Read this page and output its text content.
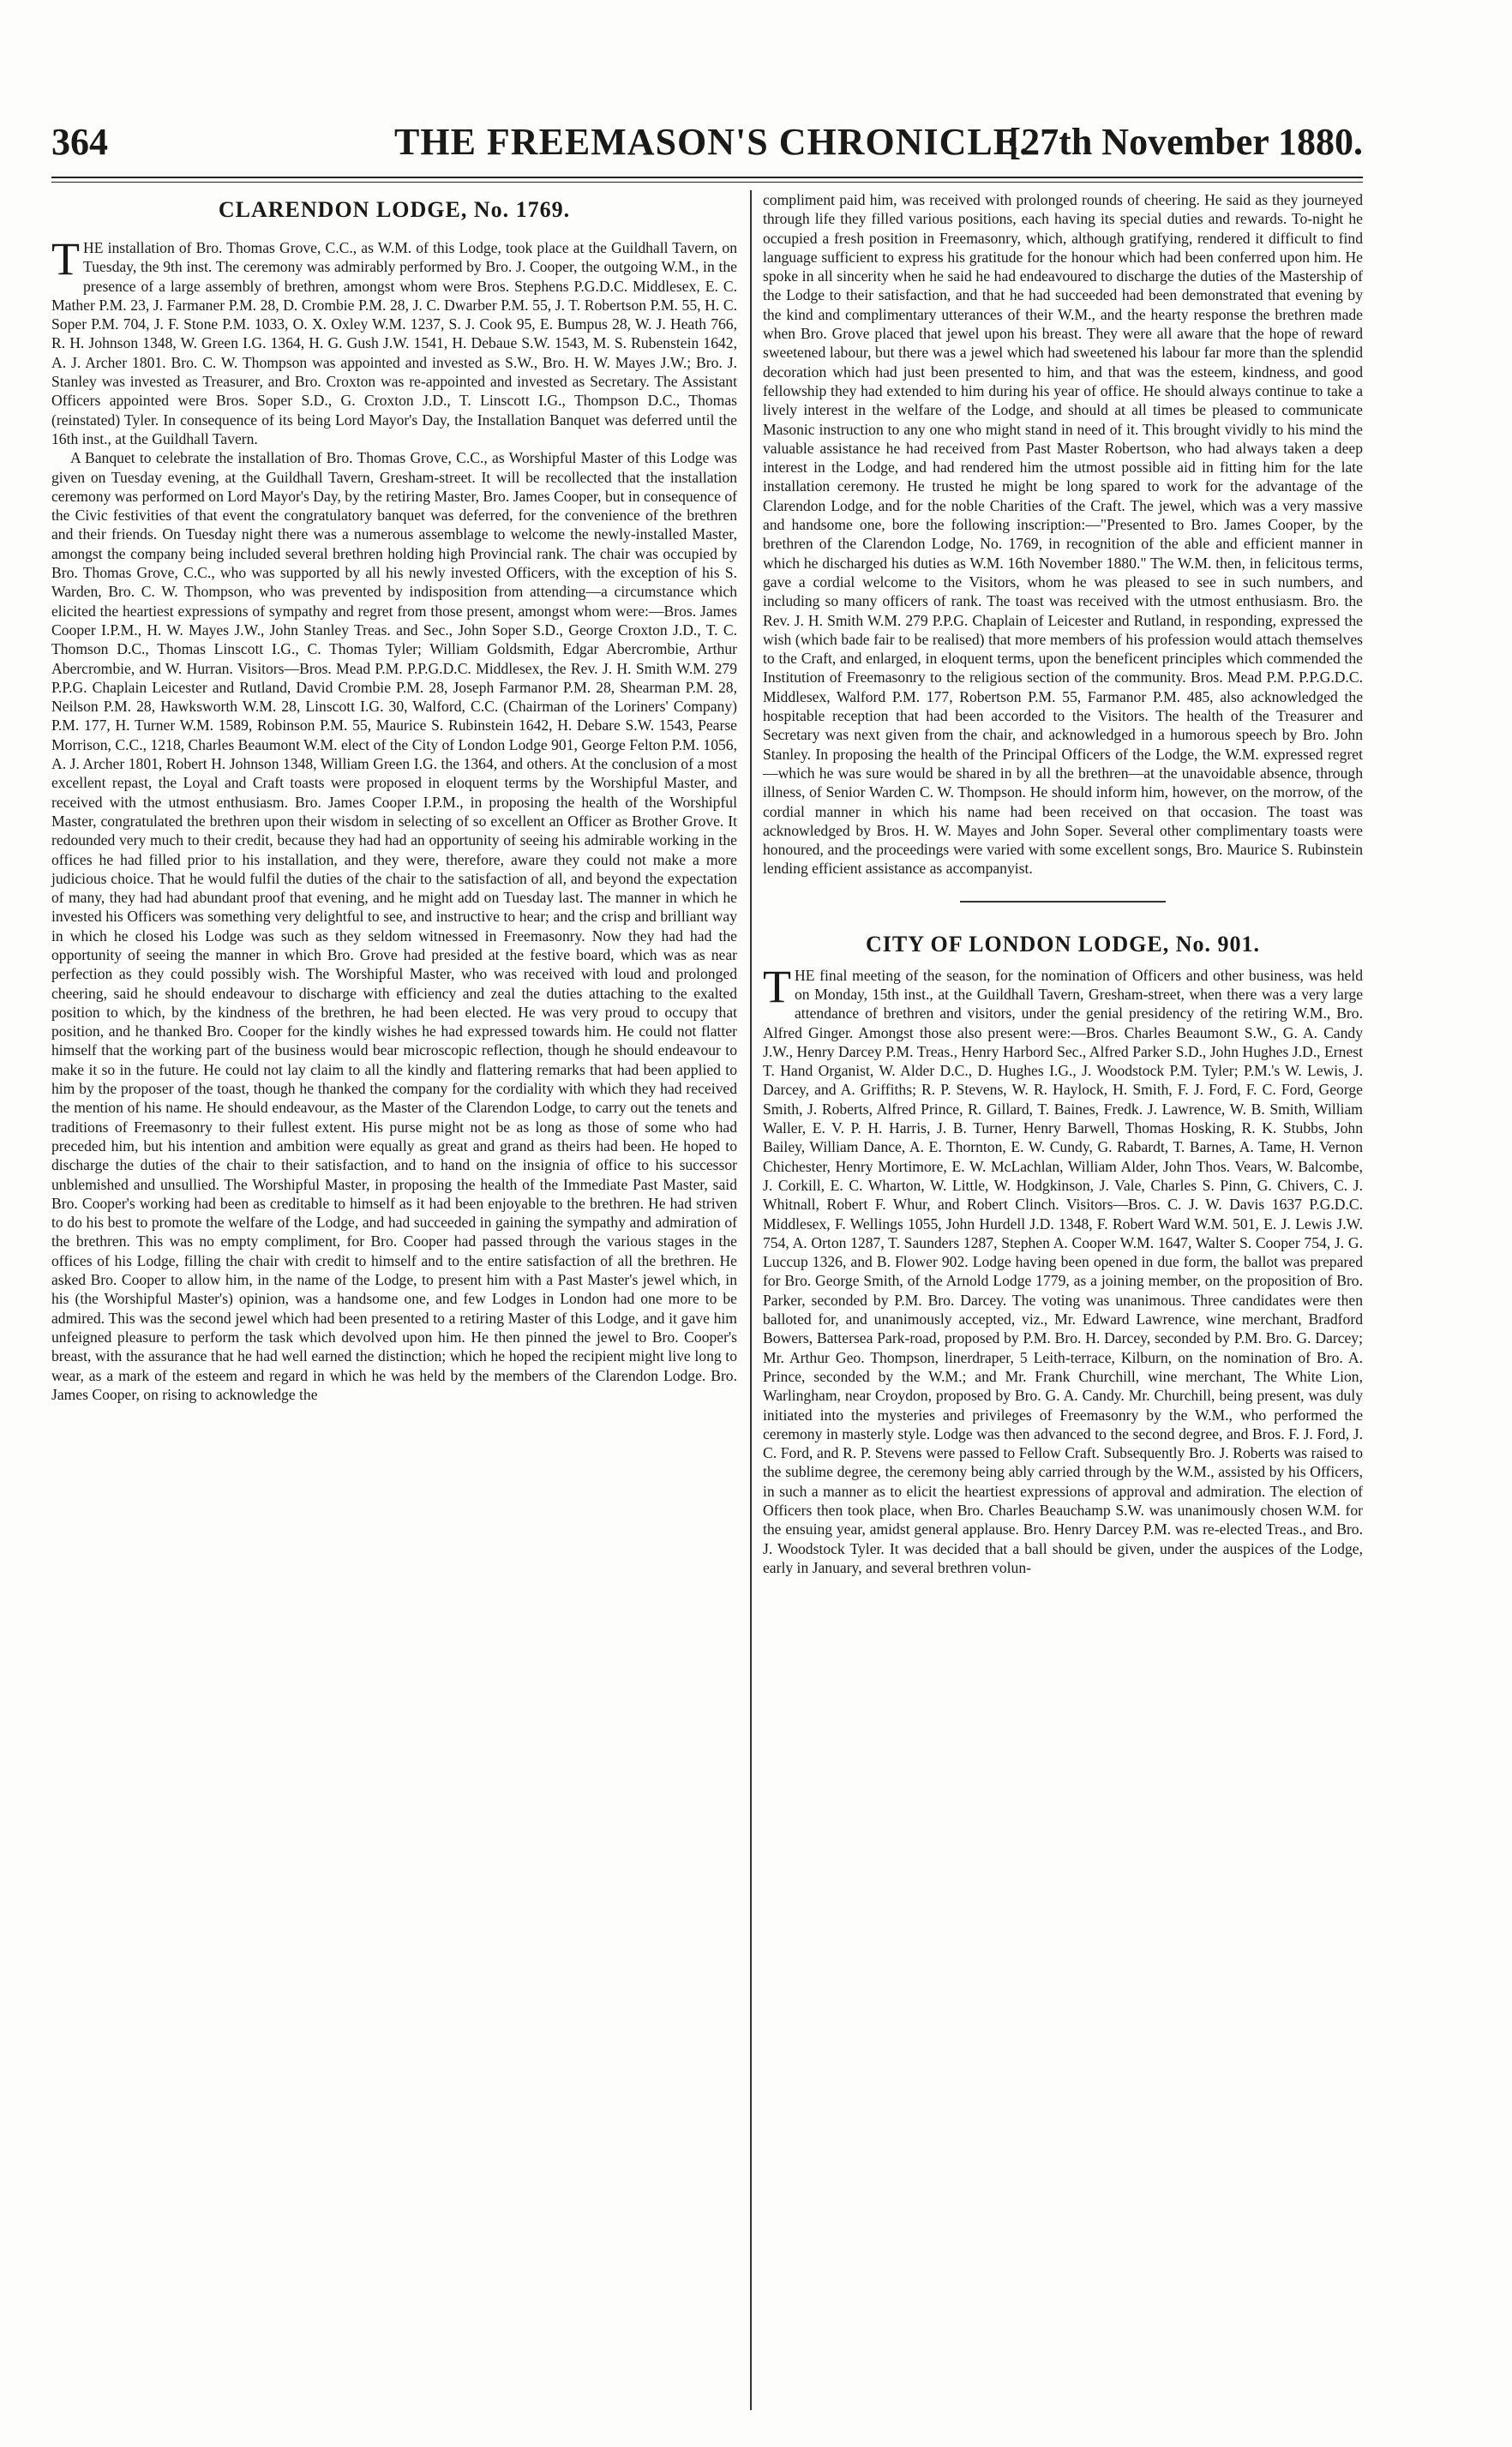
364	THE FREEMASON'S CHRONICLE.
[27th November 1880.
CLARENDON LODGE, No. 1769.

THE installation of Bro. Thomas Grove, C.C., as W.M. of this Lodge, took place at the Guildhall Tavern, on Tuesday, the 9th inst. The ceremony was admirably performed by Bro. J. Cooper, the outgoing W.M., in the presence of a large assembly of brethren, amongst whom were Bros. Stephens P.G.D.C. Middlesex, E. C. Mather P.M. 23, J. Farmaner P.M. 28, D. Crombie P.M. 28, J. C. Dwarber P.M. 55, J. T. Robertson P.M. 55, H. C. Soper P.M. 704, J. F. Stone P.M. 1033, O. X. Oxley W.M. 1237, S. J. Cook 95, E. Bumpus 28, W. J. Heath 766, R. H. Johnson 1348, W. Green I.G. 1364, H. G. Gush J.W. 1541, H. Debaue S.W. 1543, M. S. Rubenstein 1642, A. J. Archer 1801. Bro. C. W. Thompson was appointed and invested as S.W., Bro. H. W. Mayes J.W.; Bro. J. Stanley was invested as Treasurer, and Bro. Croxton was re-appointed and invested as Secretary. The Assistant Officers appointed were Bros. Soper S.D., G. Croxton J.D., T. Linscott I.G., Thompson D.C., Thomas (reinstated) Tyler. In consequence of its being Lord Mayor's Day, the Installation Banquet was deferred until the 16th inst., at the Guildhall Tavern.

A Banquet to celebrate the installation of Bro. Thomas Grove, C.C., as Worshipful Master of this Lodge was given on Tuesday evening, at the Guildhall Tavern, Gresham-street. It will be recollected that the installation ceremony was performed on Lord Mayor's Day, by the retiring Master, Bro. James Cooper, but in consequence of the Civic festivities of that event the congratulatory banquet was deferred, for the convenience of the brethren and their friends. On Tuesday night there was a numerous assemblage to welcome the newly-installed Master, amongst the company being included several brethren holding high Provincial rank. The chair was occupied by Bro. Thomas Grove, C.C., who was supported by all his newly invested Officers, with the exception of his S. Warden, Bro. C. W. Thompson, who was prevented by indisposition from attending—a circumstance which elicited the heartiest expressions of sympathy and regret from those present, amongst whom were:—Bros. James Cooper I.P.M., H. W. Mayes J.W., John Stanley Treas. and Sec., John Soper S.D., George Croxton J.D., T. C. Thomson D.C., Thomas Linscott I.G., C. Thomas Tyler; William Goldsmith, Edgar Abercrombie, Arthur Abercrombie, and W. Hurran. Visitors—Bros. Mead P.M. P.P.G.D.C. Middlesex, the Rev. J. H. Smith W.M. 279 P.P.G. Chaplain Leicester and Rutland, David Crombie P.M. 28, Joseph Farmanor P.M. 28, Shearman P.M. 28, Neilson P.M. 28, Hawksworth W.M. 28, Linscott I.G. 30, Walford, C.C. (Chairman of the Loriners' Company) P.M. 177, H. Turner W.M. 1589, Robinson P.M. 55, Maurice S. Rubinstein 1642, H. Debare S.W. 1543, Pearse Morrison, C.C., 1218, Charles Beaumont W.M. elect of the City of London Lodge 901, George Felton P.M. 1056, A. J. Archer 1801, Robert H. Johnson 1348, William Green I.G. the 1364, and others. At the conclusion of a most excellent repast, the Loyal and Craft toasts were proposed in eloquent terms by the Worshipful Master, and received with the utmost enthusiasm. Bro. James Cooper I.P.M., in proposing the health of the Worshipful Master, congratulated the brethren upon their wisdom in selecting of so excellent an Officer as Brother Grove. It redounded very much to their credit, because they had had an opportunity of seeing his admirable working in the offices he had filled prior to his installation, and they were, therefore, aware they could not make a more judicious choice. That he would fulfil the duties of the chair to the satisfaction of all, and beyond the expectation of many, they had had abundant proof that evening, and he might add on Tuesday last. The manner in which he invested his Officers was something very delightful to see, and instructive to hear; and the crisp and brilliant way in which he closed his Lodge was such as they seldom witnessed in Freemasonry. Now they had had the opportunity of seeing the manner in which Bro. Grove had presided at the festive board, which was as near perfection as they could possibly wish. The Worshipful Master, who was received with loud and prolonged cheering, said he should endeavour to discharge with efficiency and zeal the duties attaching to the exalted position to which, by the kindness of the brethren, he had been elected. He was very proud to occupy that position, and he thanked Bro. Cooper for the kindly wishes he had expressed towards him. He could not flatter himself that the working part of the business would bear microscopic reflection, though he should endeavour to make it so in the future. He could not lay claim to all the kindly and flattering remarks that had been applied to him by the proposer of the toast, though he thanked the company for the cordiality with which they had received the mention of his name. He should endeavour, as the Master of the Clarendon Lodge, to carry out the tenets and traditions of Freemasonry to their fullest extent. His purse might not be as long as those of some who had preceded him, but his intention and ambition were equally as great and grand as theirs had been. He hoped to discharge the duties of the chair to their satisfaction, and to hand on the insignia of office to his successor unblemished and unsullied. The Worshipful Master, in proposing the health of the Immediate Past Master, said Bro. Cooper's working had been as creditable to himself as it had been enjoyable to the brethren. He had striven to do his best to promote the welfare of the Lodge, and had succeeded in gaining the sympathy and admiration of the brethren. This was no empty compliment, for Bro. Cooper had passed through the various stages in the offices of his Lodge, filling the chair with credit to himself and to the entire satisfaction of all the brethren. He asked Bro. Cooper to allow him, in the name of the Lodge, to present him with a Past Master's jewel which, in his (the Worshipful Master's) opinion, was a handsome one, and few Lodges in London had one more to be admired. This was the second jewel which had been presented to a retiring Master of this Lodge, and it gave him unfeigned pleasure to perform the task which devolved upon him. He then pinned the jewel to Bro. Cooper's breast, with the assurance that he had well earned the distinction; which he hoped the recipient might live long to wear, as a mark of the esteem and regard in which he was held by the members of the Clarendon Lodge. Bro. James Cooper, on rising to acknowledge the

compliment paid him, was received with prolonged rounds of cheering. He said as they journeyed through life they filled various positions, each having its special duties and rewards. To-night he occupied a fresh position in Freemasonry, which, although gratifying, rendered it difficult to find language sufficient to express his gratitude for the honour which had been conferred upon him. He spoke in all sincerity when he said he had endeavoured to discharge the duties of the Mastership of the Lodge to their satisfaction, and that he had succeeded had been demonstrated that evening by the kind and complimentary utterances of their W.M., and the hearty response the brethren made when Bro. Grove placed that jewel upon his breast. They were all aware that the hope of reward sweetened labour, but there was a jewel which had sweetened his labour far more than the splendid decoration which had just been presented to him, and that was the esteem, kindness, and good fellowship they had extended to him during his year of office. He should always continue to take a lively interest in the welfare of the Lodge, and should at all times be pleased to communicate Masonic instruction to any one who might stand in need of it. This brought vividly to his mind the valuable assistance he had received from Past Master Robertson, who had always taken a deep interest in the Lodge, and had rendered him the utmost possible aid in fitting him for the late installation ceremony. He trusted he might be long spared to work for the advantage of the Clarendon Lodge, and for the noble Charities of the Craft. The jewel, which was a very massive and handsome one, bore the following inscription:—"Presented to Bro. James Cooper, by the brethren of the Clarendon Lodge, No. 1769, in recognition of the able and efficient manner in which he discharged his duties as W.M. 16th November 1880." The W.M. then, in felicitous terms, gave a cordial welcome to the Visitors, whom he was pleased to see in such numbers, and including so many officers of rank. The toast was received with the utmost enthusiasm. Bro. the Rev. J. H. Smith W.M. 279 P.P.G. Chaplain of Leicester and Rutland, in responding, expressed the wish (which bade fair to be realised) that more members of his profession would attach themselves to the Craft, and enlarged, in eloquent terms, upon the beneficent principles which commended the Institution of Freemasonry to the religious section of the community. Bros. Mead P.M. P.P.G.D.C. Middlesex, Walford P.M. 177, Robertson P.M. 55, Farmanor P.M. 485, also acknowledged the hospitable reception that had been accorded to the Visitors. The health of the Treasurer and Secretary was next given from the chair, and acknowledged in a humorous speech by Bro. John Stanley. In proposing the health of the Principal Officers of the Lodge, the W.M. expressed regret—which he was sure would be shared in by all the brethren—at the unavoidable absence, through illness, of Senior Warden C. W. Thompson. He should inform him, however, on the morrow, of the cordial manner in which his name had been received on that occasion. The toast was acknowledged by Bros. H. W. Mayes and John Soper. Several other complimentary toasts were honoured, and the proceedings were varied with some excellent songs, Bro. Maurice S. Rubinstein lending efficient assistance as accompanyist.

CITY OF LONDON LODGE, No. 901.

THE final meeting of the season, for the nomination of Officers and other business, was held on Monday, 15th inst., at the Guildhall Tavern, Gresham-street, when there was a very large attendance of brethren and visitors, under the genial presidency of the retiring W.M., Bro. Alfred Ginger. Amongst those also present were:—Bros. Charles Beaumont S.W., G. A. Candy J.W., Henry Darcey P.M. Treas., Henry Harbord Sec., Alfred Parker S.D., John Hughes J.D., Ernest T. Hand Organist, W. Alder D.C., D. Hughes I.G., J. Woodstock P.M. Tyler; P.M.'s W. Lewis, J. Darcey, and A. Griffiths; R. P. Stevens, W. R. Haylock, H. Smith, F. J. Ford, F. C. Ford, George Smith, J. Roberts, Alfred Prince, R. Gillard, T. Baines, Fredk. J. Lawrence, W. B. Smith, William Waller, E. V. P. H. Harris, J. B. Turner, Henry Barwell, Thomas Hosking, R. K. Stubbs, John Bailey, William Dance, A. E. Thornton, E. W. Cundy, G. Rabardt, T. Barnes, A. Tame, H. Vernon Chichester, Henry Mortimore, E. W. McLachlan, William Alder, John Thos. Vears, W. Balcombe, J. Corkill, E. C. Wharton, W. Little, W. Hodgkinson, J. Vale, Charles S. Pinn, G. Chivers, C. J. Whitnall, Robert F. Whur, and Robert Clinch. Visitors—Bros. C. J. W. Davis 1637 P.G.D.C. Middlesex, F. Wellings 1055, John Hurdell J.D. 1348, F. Robert Ward W.M. 501, E. J. Lewis J.W. 754, A. Orton 1287, T. Saunders 1287, Stephen A. Cooper W.M. 1647, Walter S. Cooper 754, J. G. Luccup 1326, and B. Flower 902. Lodge having been opened in due form, the ballot was prepared for Bro. George Smith, of the Arnold Lodge 1779, as a joining member, on the proposition of Bro. Parker, seconded by P.M. Bro. Darcey. The voting was unanimous. Three candidates were then balloted for, and unanimously accepted, viz., Mr. Edward Lawrence, wine merchant, Bradford Bowers, Battersea Park-road, proposed by P.M. Bro. H. Darcey, seconded by P.M. Bro. G. Darcey; Mr. Arthur Geo. Thompson, linerdraper, 5 Leith-terrace, Kilburn, on the nomination of Bro. A. Prince, seconded by the W.M.; and Mr. Frank Churchill, wine merchant, The White Lion, Warlingham, near Croydon, proposed by Bro. G. A. Candy. Mr. Churchill, being present, was duly initiated into the mysteries and privileges of Freemasonry by the W.M., who performed the ceremony in masterly style. Lodge was then advanced to the second degree, and Bros. F. J. Ford, J. C. Ford, and R. P. Stevens were passed to Fellow Craft. Subsequently Bro. J. Roberts was raised to the sublime degree, the ceremony being ably carried through by the W.M., assisted by his Officers, in such a manner as to elicit the heartiest expressions of approval and admiration. The election of Officers then took place, when Bro. Charles Beauchamp S.W. was unanimously chosen W.M. for the ensuing year, amidst general applause. Bro. Henry Darcey P.M. was re-elected Treas., and Bro. J. Woodstock Tyler. It was decided that a ball should be given, under the auspices of the Lodge, early in January, and several brethren volun-
